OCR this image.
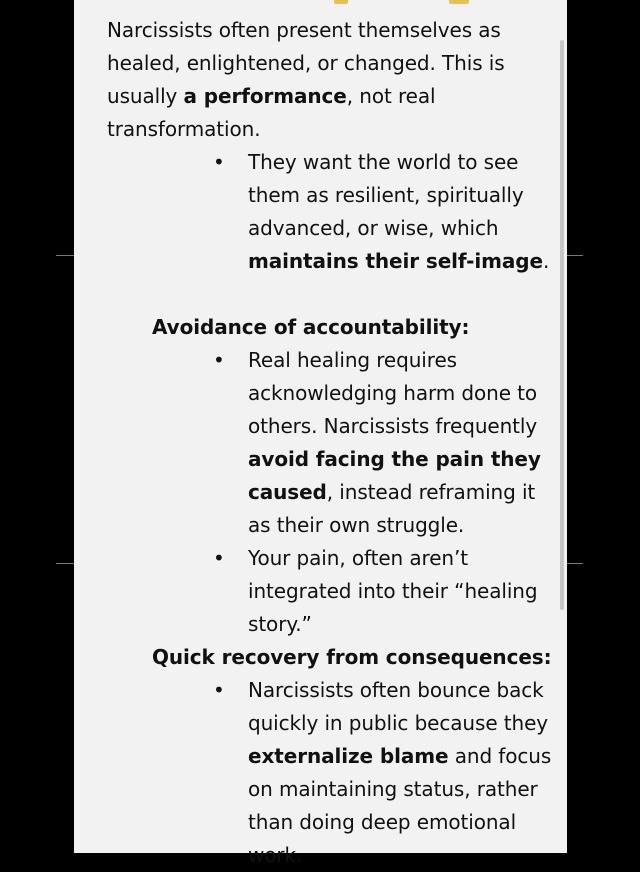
Narcissists often present themselves as healed, enlightened, or changed. This is usually a performance, not real transformation.

•	They want the world to see them as resilient, spiritually advanced, or wise, which maintains their self-image.
Avoidance of accountability:
•	Real healing requires acknowledging harm done to others. Narcissists frequently avoid facing the pain they caused, instead reframing it as their own struggle.
•	Your pain, often aren’t integrated into their “healing story.”
Quick recovery from consequences:
•	Narcissists often bounce back quickly in public because they externalize blame and focus on maintaining status, rather than doing deep emotional work.
